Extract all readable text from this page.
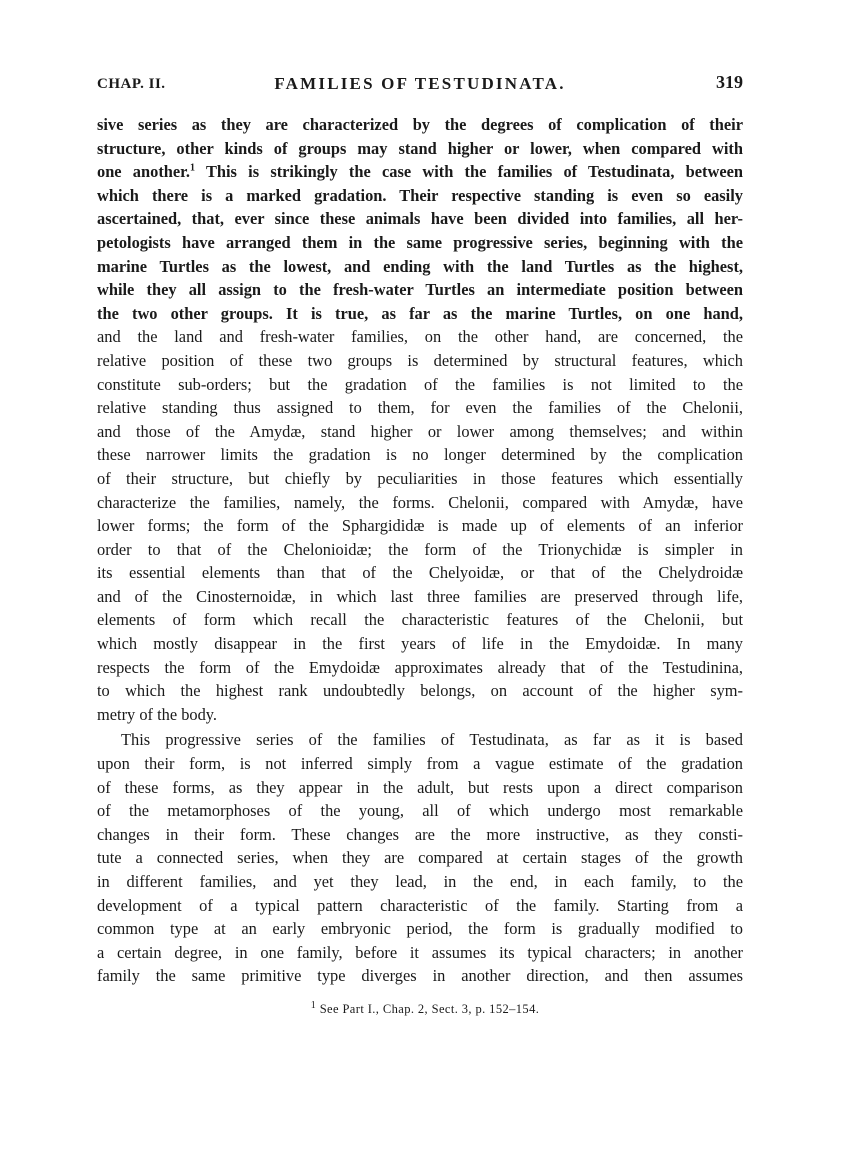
CHAP. II.	FAMILIES OF TESTUDINATA.	319
sive series as they are characterized by the degrees of complication of their
structure, other kinds of groups may stand higher or lower, when compared with
one another.$^1$ This is strikingly the case with the families of Testudinata, between
which there is a marked gradation. Their respective standing is even so easily
ascertained, that, ever since these animals have been divided into families, all her-
petologists have arranged them in the same progressive series, beginning with the
marine Turtles as the lowest, and ending with the land Turtles as the highest,
while they all assign to the fresh-water Turtles an intermediate position between
the two other groups. It is true, as far as the marine Turtles, on one hand,
and the land and fresh-water families, on the other hand, are concerned, the
relative position of these two groups is determined by structural features, which
constitute sub-orders; but the gradation of the families is not limited to the
relative standing thus assigned to them, for even the families of the Chelonii,
and those of the Amydæ, stand higher or lower among themselves; and within
these narrower limits the gradation is no longer determined by the complication
of their structure, but chiefly by peculiarities in those features which essentially
characterize the families, namely, the forms. Chelonii, compared with Amydæ, have
lower forms; the form of the Sphargididæ is made up of elements of an inferior
order to that of the Chelonioidæ; the form of the Trionychidæ is simpler in
its essential elements than that of the Chelyoidæ, or that of the Chelydroidæ
and of the Cinosternoidæ, in which last three families are preserved through life,
elements of form which recall the characteristic features of the Chelonii, but
which mostly disappear in the first years of life in the Emydoidæ. In many
respects the form of the Emydoidæ approximates already that of the Testudinina,
to which the highest rank undoubtedly belongs, on account of the higher sym-
metry of the body.
This progressive series of the families of Testudinata, as far as it is based
upon their form, is not inferred simply from a vague estimate of the gradation
of these forms, as they appear in the adult, but rests upon a direct comparison
of the metamorphoses of the young, all of which undergo most remarkable
changes in their form. These changes are the more instructive, as they consti-
tute a connected series, when they are compared at certain stages of the growth
in different families, and yet they lead, in the end, in each family, to the
development of a typical pattern characteristic of the family. Starting from a
common type at an early embryonic period, the form is gradually modified to
a certain degree, in one family, before it assumes its typical characters; in another
family the same primitive type diverges in another direction, and then assumes
$^1$ See Part I., Chap. 2, Sect. 3, p. 152–154.
